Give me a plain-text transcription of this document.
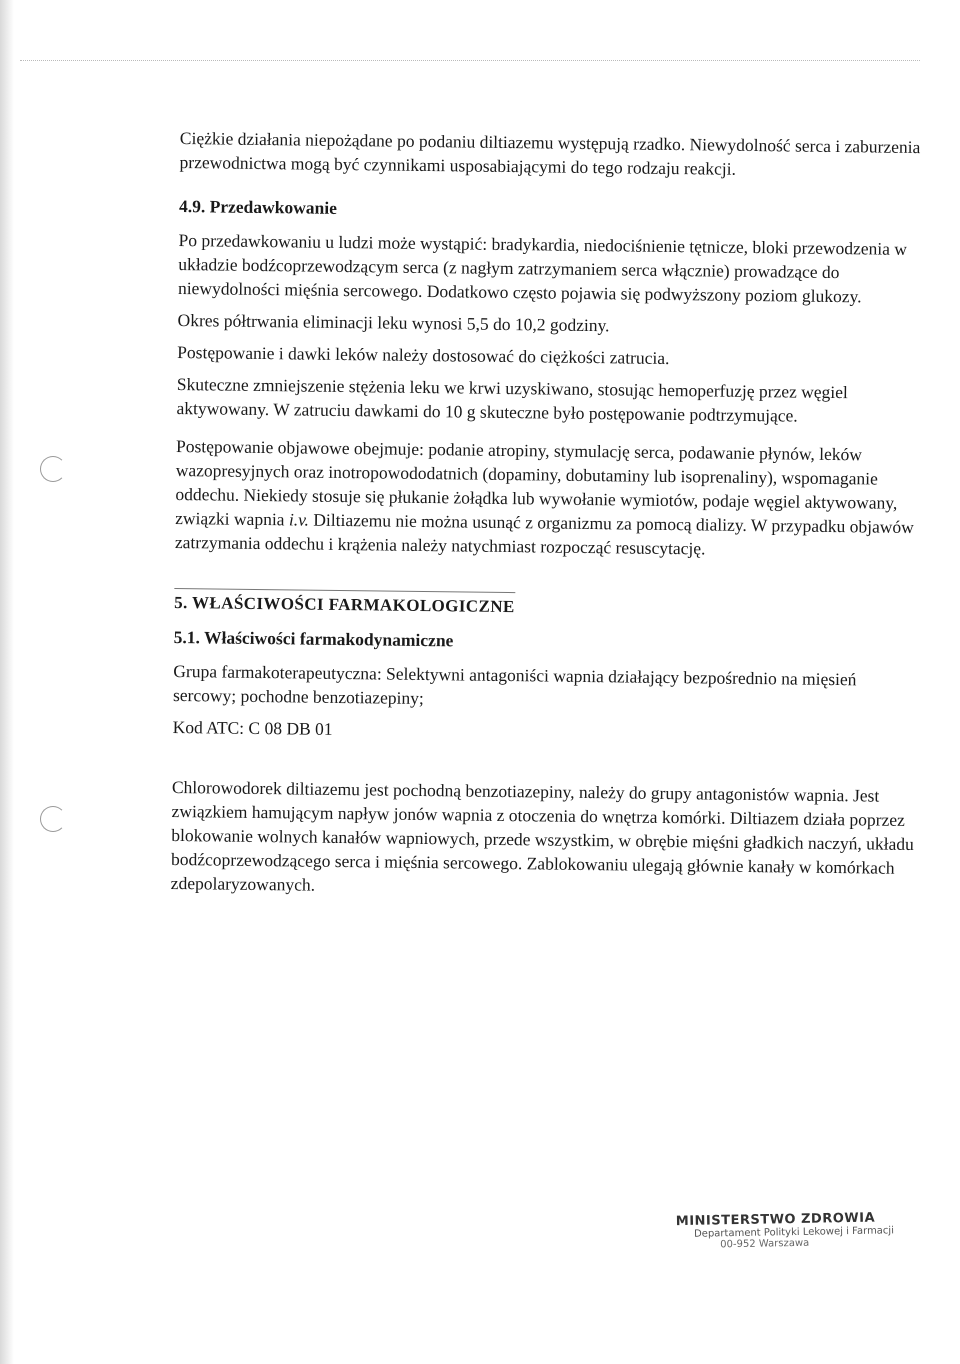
Ciężkie działania niepożądane po podaniu diltiazemu występują rzadko. Niewydolność serca i zaburzenia przewodnictwa mogą być czynnikami usposabiającymi do tego rodzaju reakcji.

4.9. Przedawkowanie

Po przedawkowaniu u ludzi może wystąpić: bradykardia, niedociśnienie tętnicze, bloki przewodzenia w układzie bodźcoprzewodzącym serca (z nagłym zatrzymaniem serca włącznie) prowadzące do niewydolności mięśnia sercowego. Dodatkowo często pojawia się podwyższony poziom glukozy.

Okres półtrwania eliminacji leku wynosi 5,5 do 10,2 godziny.

Postępowanie i dawki leków należy dostosować do ciężkości zatrucia.

Skuteczne zmniejszenie stężenia leku we krwi uzyskiwano, stosując hemoperfuzję przez węgiel aktywowany. W zatruciu dawkami do 10 g skuteczne było postępowanie podtrzymujące.

Postępowanie objawowe obejmuje: podanie atropiny, stymulację serca, podawanie płynów, leków wazopresyjnych oraz inotropowododatnich (dopaminy, dobutaminy lub isoprenaliny), wspomaganie oddechu. Niekiedy stosuje się płukanie żołądka lub wywołanie wymiotów, podaje węgiel aktywowany, związki wapnia i.v. Diltiazemu nie można usunąć z organizmu za pomocą dializy. W przypadku objawów zatrzymania oddechu i krążenia należy natychmiast rozpocząć resuscytację.

5. WŁAŚCIWOŚCI FARMAKOLOGICZNE
5.1. Właściwości farmakodynamiczne

Grupa farmakoterapeutyczna: Selektywni antagoniści wapnia działający bezpośrednio na mięsień sercowy; pochodne benzotiazepiny;

Kod ATC: C 08 DB 01

Chlorowodorek diltiazemu jest pochodną benzotiazepiny, należy do grupy antagonistów wapnia. Jest związkiem hamującym napływ jonów wapnia z otoczenia do wnętrza komórki. Diltiazem działa poprzez blokowanie wolnych kanałów wapniowych, przede wszystkim, w obrębie mięśni gładkich naczyń, układu bodźcoprzewodzącego serca i mięśnia sercowego. Zablokowaniu ulegają głównie kanały w komórkach zdepolaryzowanych.

MINISTERSTWO ZDROWIA
Departament Polityki Lekowej i Farmacji
00-952 Warszawa
